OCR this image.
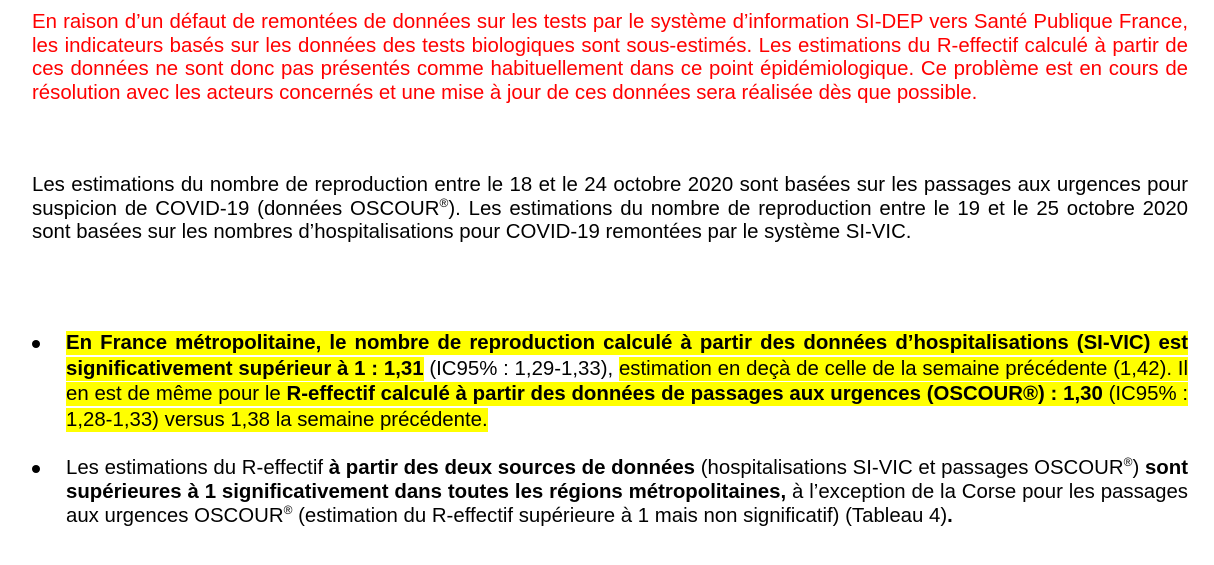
En raison d’un défaut de remontées de données sur les tests par le système d’information SI-DEP vers Santé Publique France, les indicateurs basés sur les données des tests biologiques sont sous-estimés. Les estimations du R-effectif calculé à partir de ces données ne sont donc pas présentés comme habituellement dans ce point épidémiologique. Ce problème est en cours de résolution avec les acteurs concernés et une mise à jour de ces données sera réalisée dès que possible.

Les estimations du nombre de reproduction entre le 18 et le 24 octobre 2020 sont basées sur les passages aux urgences pour suspicion de COVID-19 (données OSCOUR®). Les estimations du nombre de reproduction entre le 19 et le 25 octobre 2020 sont basées sur les nombres d’hospitalisations pour COVID-19 remontées par le système SI-VIC.

En France métropolitaine, le nombre de reproduction calculé à partir des données d’hospitalisations (SI-VIC) est significativement supérieur à 1 : 1,31 (IC95% : 1,29-1,33), estimation en deçà de celle de la semaine précédente (1,42). Il en est de même pour le R-effectif calculé à partir des données de passages aux urgences (OSCOUR®) : 1,30 (IC95% : 1,28-1,33) versus 1,38 la semaine précédente.
Les estimations du R-effectif à partir des deux sources de données (hospitalisations SI-VIC et passages OSCOUR®) sont supérieures à 1 significativement dans toutes les régions métropolitaines, à l’exception de la Corse pour les passages aux urgences OSCOUR® (estimation du R-effectif supérieure à 1 mais non significatif) (Tableau 4).
